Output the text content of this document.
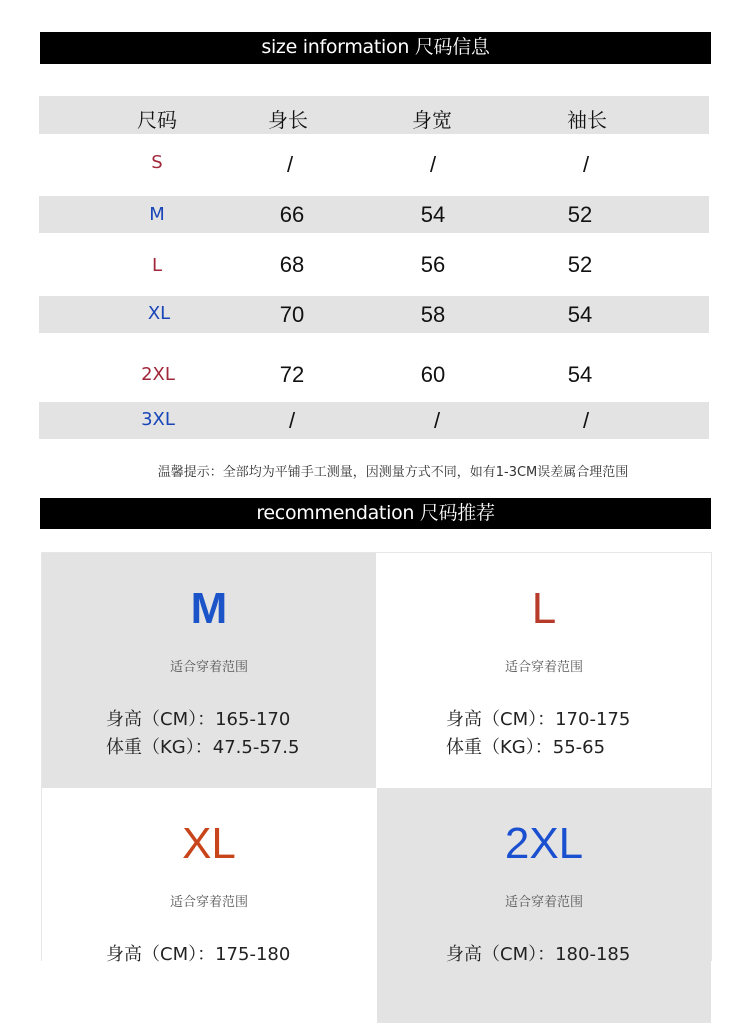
size information 尺码信息
尺码	身长	身宽	袖长
S	/	/	/
M	66	54	52
L	68	56	52
XL	70	58	54
2XL	72	60	54
3XL	/	/	/
温馨提示：全部均为平铺手工测量，因测量方式不同，如有1-3CM误差属合理范围
recommendation 尺码推荐
M
适合穿着范围
身高（CM）：165-170
体重（KG）：47.5-57.5
L
适合穿着范围
身高（CM）：170-175
体重（KG）：55-65
XL
适合穿着范围
身高（CM）：175-180
2XL
适合穿着范围
身高（CM）：180-185
